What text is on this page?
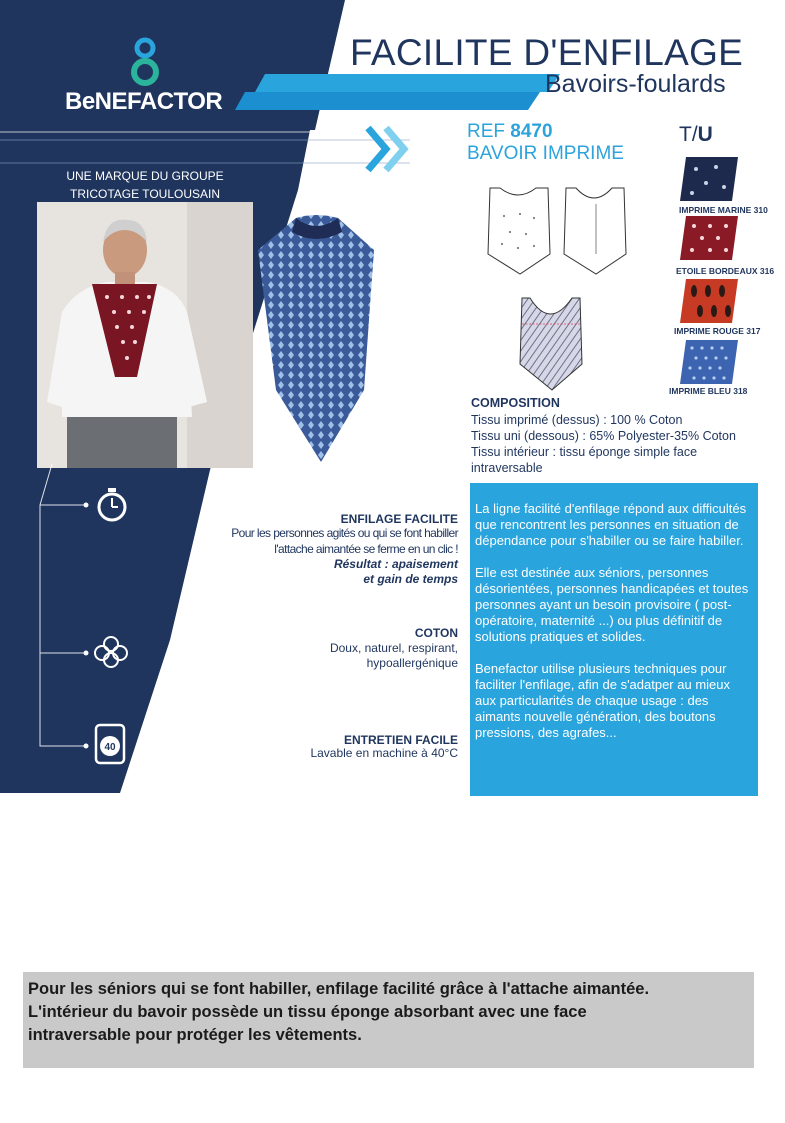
BeNEFACTOR
UNE MARQUE DU GROUPE
TRICOTAGE TOULOUSAIN
FACILITE D'ENFILAGE
Bavoirs-foulards
REF 8470
BAVOIR IMPRIME
T/U
IMPRIME MARINE 310
ETOILE BORDEAUX 316
IMPRIME ROUGE 317
IMPRIME BLEU 318
COMPOSITION
Tissu imprimé (dessus) : 100 % Coton
Tissu uni (dessous) : 65% Polyester-35% Coton
Tissu intérieur : tissu éponge simple face
intraversable
40
ENFILAGE FACILITE
Pour les personnes agités ou qui se font habiller
l'attache aimantée se ferme en un clic !
Résultat : apaisement
et gain de temps
COTON
Doux, naturel, respirant,
hypoallergénique
ENTRETIEN FACILE
Lavable en machine à 40°C

La ligne facilité d'enfilage répond aux difficultés que rencontrent les personnes en situation de dépendance pour s'habiller ou se faire habiller.

Elle est destinée aux séniors, personnes désorientées, personnes handicapées et toutes personnes ayant un besoin provisoire ( post-opératoire, maternité ...) ou plus définitif de solutions pratiques et solides.

Benefactor utilise plusieurs techniques pour faciliter l'enfilage, afin de s'adatper au mieux aux particularités de chaque usage : des aimants nouvelle génération, des boutons pressions, des agrafes...

Pour les séniors qui se font habiller, enfilage facilité grâce à l'attache aimantée.

L'intérieur du bavoir possède un tissu éponge absorbant avec une face

intraversable pour protéger les vêtements.
